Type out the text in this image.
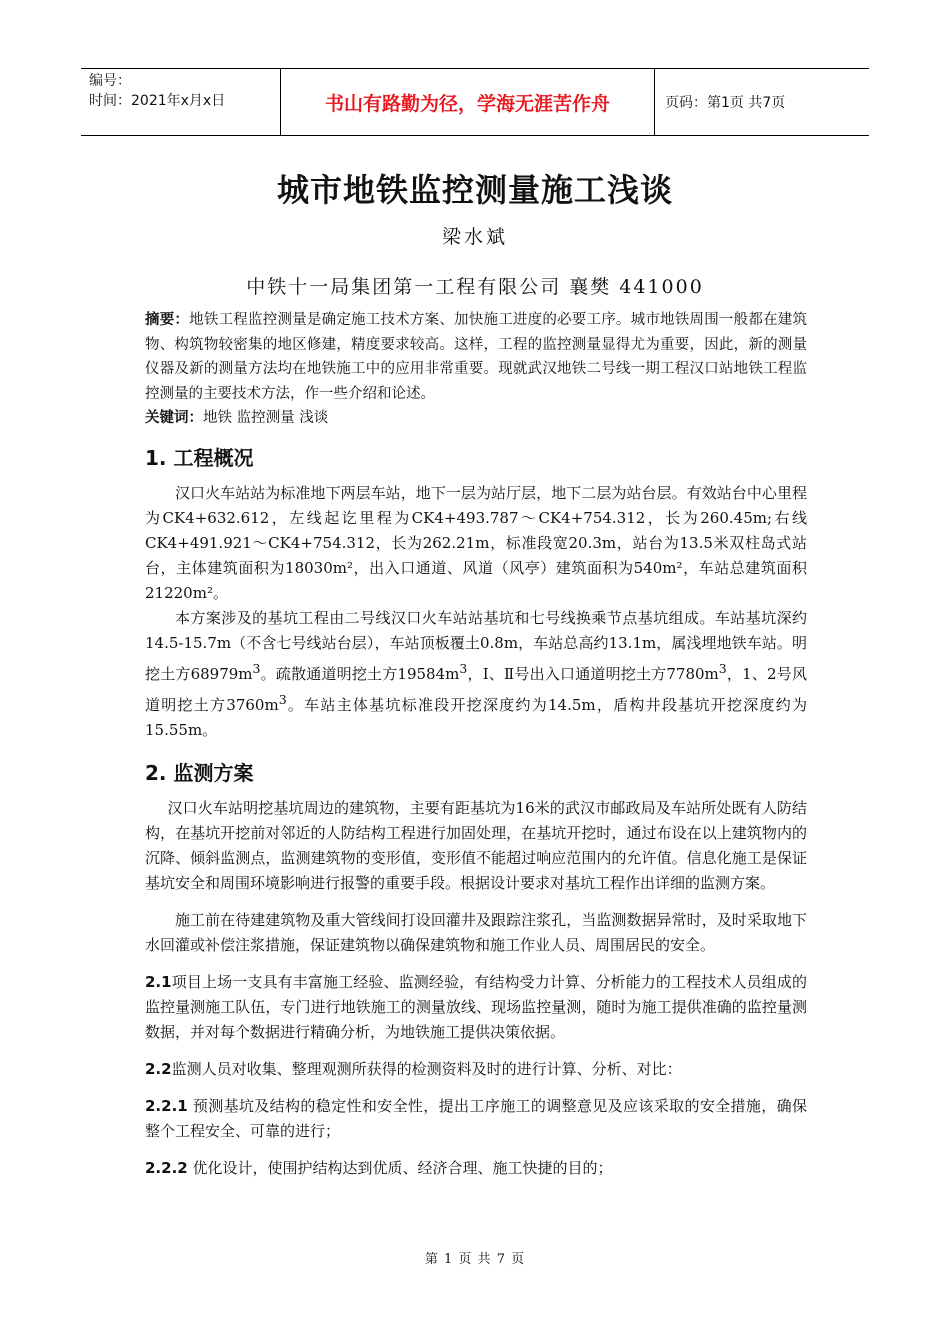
编号：
时间：2021年x月x日	书山有路勤为径，学海无涯苦作舟	页码：第1页 共7页
城市地铁监控测量施工浅谈
梁水斌
中铁十一局集团第一工程有限公司 襄樊 441000

摘要：地铁工程监控测量是确定施工技术方案、加快施工进度的必要工序。城市地铁周围一般都在建筑物、构筑物较密集的地区修建，精度要求较高。这样，工程的监控测量显得尤为重要，因此，新的测量仪器及新的测量方法均在地铁施工中的应用非常重要。现就武汉地铁二号线一期工程汉口站地铁工程监控测量的主要技术方法，作一些介绍和论述。

关键词：地铁 监控测量 浅谈

1. 工程概况

汉口火车站站为标准地下两层车站，地下一层为站厅层，地下二层为站台层。有效站台中心里程为CK4+632.612，左线起讫里程为CK4+493.787～CK4+754.312，长为260.45m;右线CK4+491.921～CK4+754.312，长为262.21m，标准段宽20.3m，站台为13.5米双柱岛式站台，主体建筑面积为18030m²，出入口通道、风道（风亭）建筑面积为540m²，车站总建筑面积21220m²。

本方案涉及的基坑工程由二号线汉口火车站站基坑和七号线换乘节点基坑组成。车站基坑深约14.5-15.7m（不含七号线站台层），车站顶板覆土0.8m，车站总高约13.1m，属浅埋地铁车站。明挖土方$68979m^3$。疏散通道明挖土方$19584m^3$，Ⅰ、Ⅱ号出入口通道明挖土方$7780m^3$，1、2号风道明挖土方$3760m^3$。车站主体基坑标准段开挖深度约为14.5m，盾构井段基坑开挖深度约为15.55m。

2. 监测方案

汉口火车站明挖基坑周边的建筑物，主要有距基坑为16米的武汉市邮政局及车站所处既有人防结构，在基坑开挖前对邻近的人防结构工程进行加固处理，在基坑开挖时，通过布设在以上建筑物内的沉降、倾斜监测点，监测建筑物的变形值，变形值不能超过响应范围内的允许值。信息化施工是保证基坑安全和周围环境影响进行报警的重要手段。根据设计要求对基坑工程作出详细的监测方案。

施工前在待建建筑物及重大管线间打设回灌井及跟踪注浆孔，当监测数据异常时，及时采取地下水回灌或补偿注浆措施，保证建筑物以确保建筑物和施工作业人员、周围居民的安全。

2.1项目上场一支具有丰富施工经验、监测经验，有结构受力计算、分析能力的工程技术人员组成的监控量测施工队伍，专门进行地铁施工的测量放线、现场监控量测，随时为施工提供准确的监控量测数据，并对每个数据进行精确分析，为地铁施工提供决策依据。

2.2监测人员对收集、整理观测所获得的检测资料及时的进行计算、分析、对比：

2.2.1 预测基坑及结构的稳定性和安全性，提出工序施工的调整意见及应该采取的安全措施，确保整个工程安全、可靠的进行；

2.2.2 优化设计，使围护结构达到优质、经济合理、施工快捷的目的；

第 1 页 共 7 页
